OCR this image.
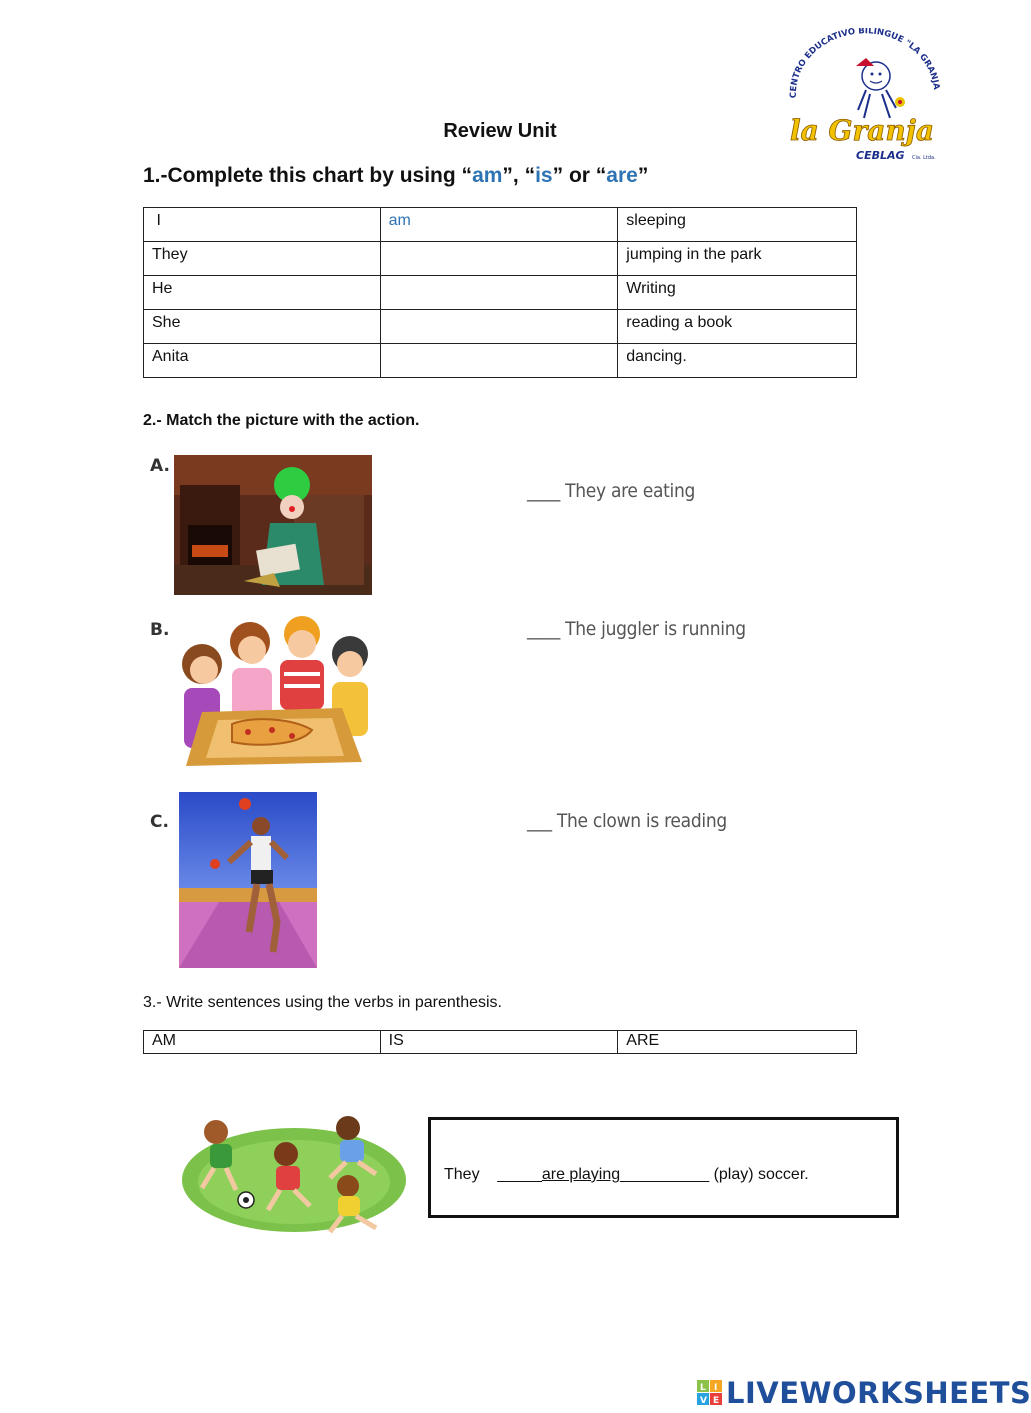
CENTRO EDUCATIVO BILINGUE "LA GRANJA
la Granja
CEBLAG Cia. Ltda.
Review Unit
1.-Complete this chart by using “am”, “is” or “are”
I	am	sleeping
They		jumping in the park
He		Writing
She		reading a book
Anita		dancing.
2.- Match the picture with the action.
A.
____ They are eating
B.	____ The juggler is running
C.	___ The clown is reading
3.- Write sentences using the verbs in parenthesis.
AM	IS	ARE
They _____are playing__________ (play) soccer.
L I
V E LIVEWORKSHEETS
